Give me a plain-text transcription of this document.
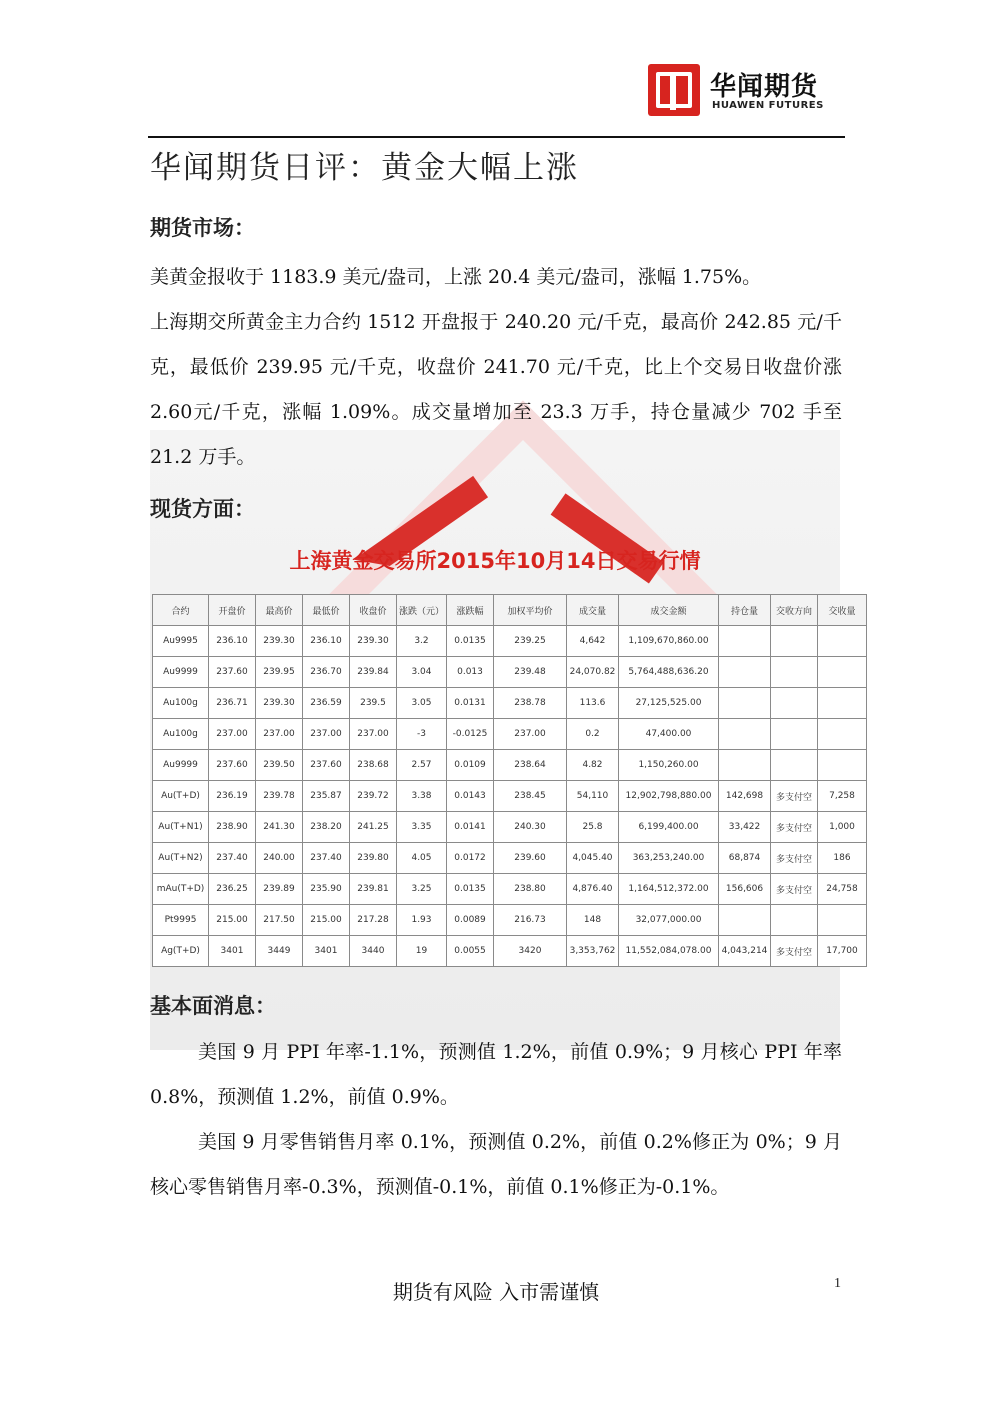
华闻期货
HUAWEN FUTURES
华闻期货日评：黄金大幅上涨
期货市场：

美黄金报收于 1183.9 美元/盎司，上涨 20.4 美元/盎司，涨幅 1.75%。

上海期交所黄金主力合约 1512 开盘报于 240.20 元/千克，最高价 242.85 元/千克，最低价 239.95 元/千克，收盘价 241.70 元/千克，比上个交易日收盘价涨 2.60元/千克，涨幅 1.09%。成交量增加至 23.3 万手，持仓量减少 702 手至 21.2 万手。

现货方面：
上海黄金交易所2015年10月14日交易行情
合约	开盘价	最高价	最低价	收盘价	涨跌（元）	涨跌幅	加权平均价	成交量	成交金额	持仓量	交收方向	交收量
Au9995	236.10	239.30	236.10	239.30	3.2	0.0135	239.25	4,642	1,109,670,860.00			
Au9999	237.60	239.95	236.70	239.84	3.04	0.013	239.48	24,070.82	5,764,488,636.20			
Au100g	236.71	239.30	236.59	239.5	3.05	0.0131	238.78	113.6	27,125,525.00			
Au100g	237.00	237.00	237.00	237.00	-3	-0.0125	237.00	0.2	47,400.00			
Au9999	237.60	239.50	237.60	238.68	2.57	0.0109	238.64	4.82	1,150,260.00			
Au(T+D)	236.19	239.78	235.87	239.72	3.38	0.0143	238.45	54,110	12,902,798,880.00	142,698	多支付空	7,258
Au(T+N1)	238.90	241.30	238.20	241.25	3.35	0.0141	240.30	25.8	6,199,400.00	33,422	多支付空	1,000
Au(T+N2)	237.40	240.00	237.40	239.80	4.05	0.0172	239.60	4,045.40	363,253,240.00	68,874	多支付空	186
mAu(T+D)	236.25	239.89	235.90	239.81	3.25	0.0135	238.80	4,876.40	1,164,512,372.00	156,606	多支付空	24,758
Pt9995	215.00	217.50	215.00	217.28	1.93	0.0089	216.73	148	32,077,000.00			
Ag(T+D)	3401	3449	3401	3440	19	0.0055	3420	3,353,762	11,552,084,078.00	4,043,214	多支付空	17,700
基本面消息：

美国 9 月 PPI 年率-1.1%，预测值 1.2%，前值 0.9%；9 月核心 PPI 年率 0.8%，预测值 1.2%，前值 0.9%。

美国 9 月零售销售月率 0.1%，预测值 0.2%，前值 0.2%修正为 0%；9 月核心零售销售月率-0.3%，预测值-0.1%，前值 0.1%修正为-0.1%。

期货有风险 入市需谨慎	1
